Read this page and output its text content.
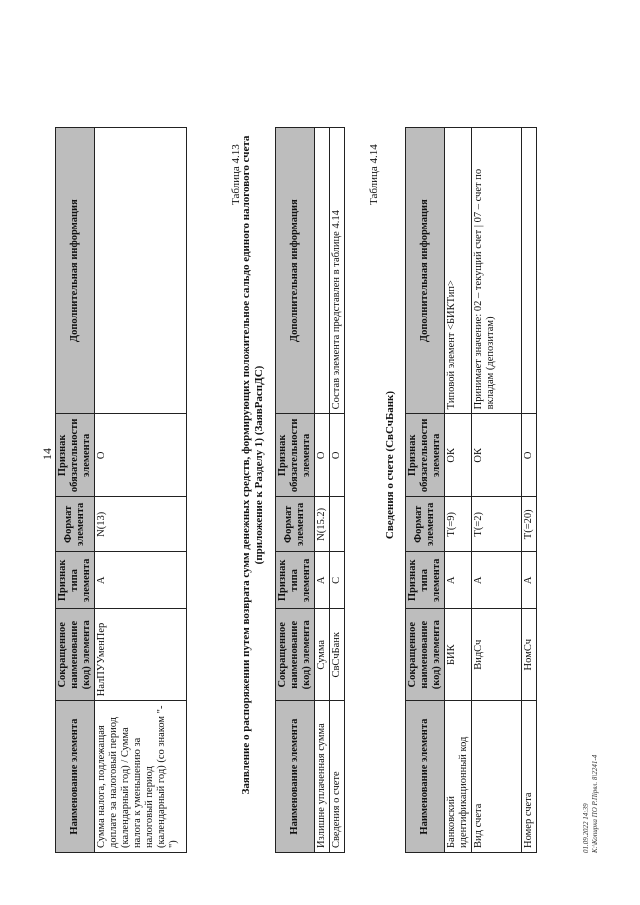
14
Наименование элемента	Сокращенное наименование (код) элемента	Признак типа элемента	Формат элемента	Признак обязательности элемента	Дополнительная информация
Сумма налога, подлежащая доплате за налоговый период (календарный год) / Сумма налога к уменьшению за налоговый период (календарный год) (со знаком "-")	НалПУУменПер	А	N(13)	О	
Таблица 4.13
Заявление о распоряжении путем возврата сумм денежных средств, формирующих положительное сальдо единого налогового счета (приложение к Разделу 1) (ЗаявРаспДС)
Наименование элемента	Сокращенное наименование (код) элемента	Признак типа элемента	Формат элемента	Признак обязательности элемента	Дополнительная информация
Излишне уплаченная сумма	Сумма	А	N(15.2)	О	
Сведения о счете	СвСчБанк	С		О	Состав элемента представлен в таблице 4.14
Таблица 4.14
Сведения о счете (СвСчБанк)
Наименование элемента	Сокращенное наименование (код) элемента	Признак типа элемента	Формат элемента	Признак обязательности элемента	Дополнительная информация
Банковский идентификационный код	БИК	А	T(=9)	ОК	Типовой элемент <БИКТип>
Вид счета	ВидСч	А	T(=2)	ОК	Принимает значение: 02 – текущий счет | 07 – счет по вкладам (депозитам)
Номер счета	НомСч	А	T(=20)	О	
01.09.2022 14:39 К:\Копирка ПО Р.Пiрвл. 8\2241-4
